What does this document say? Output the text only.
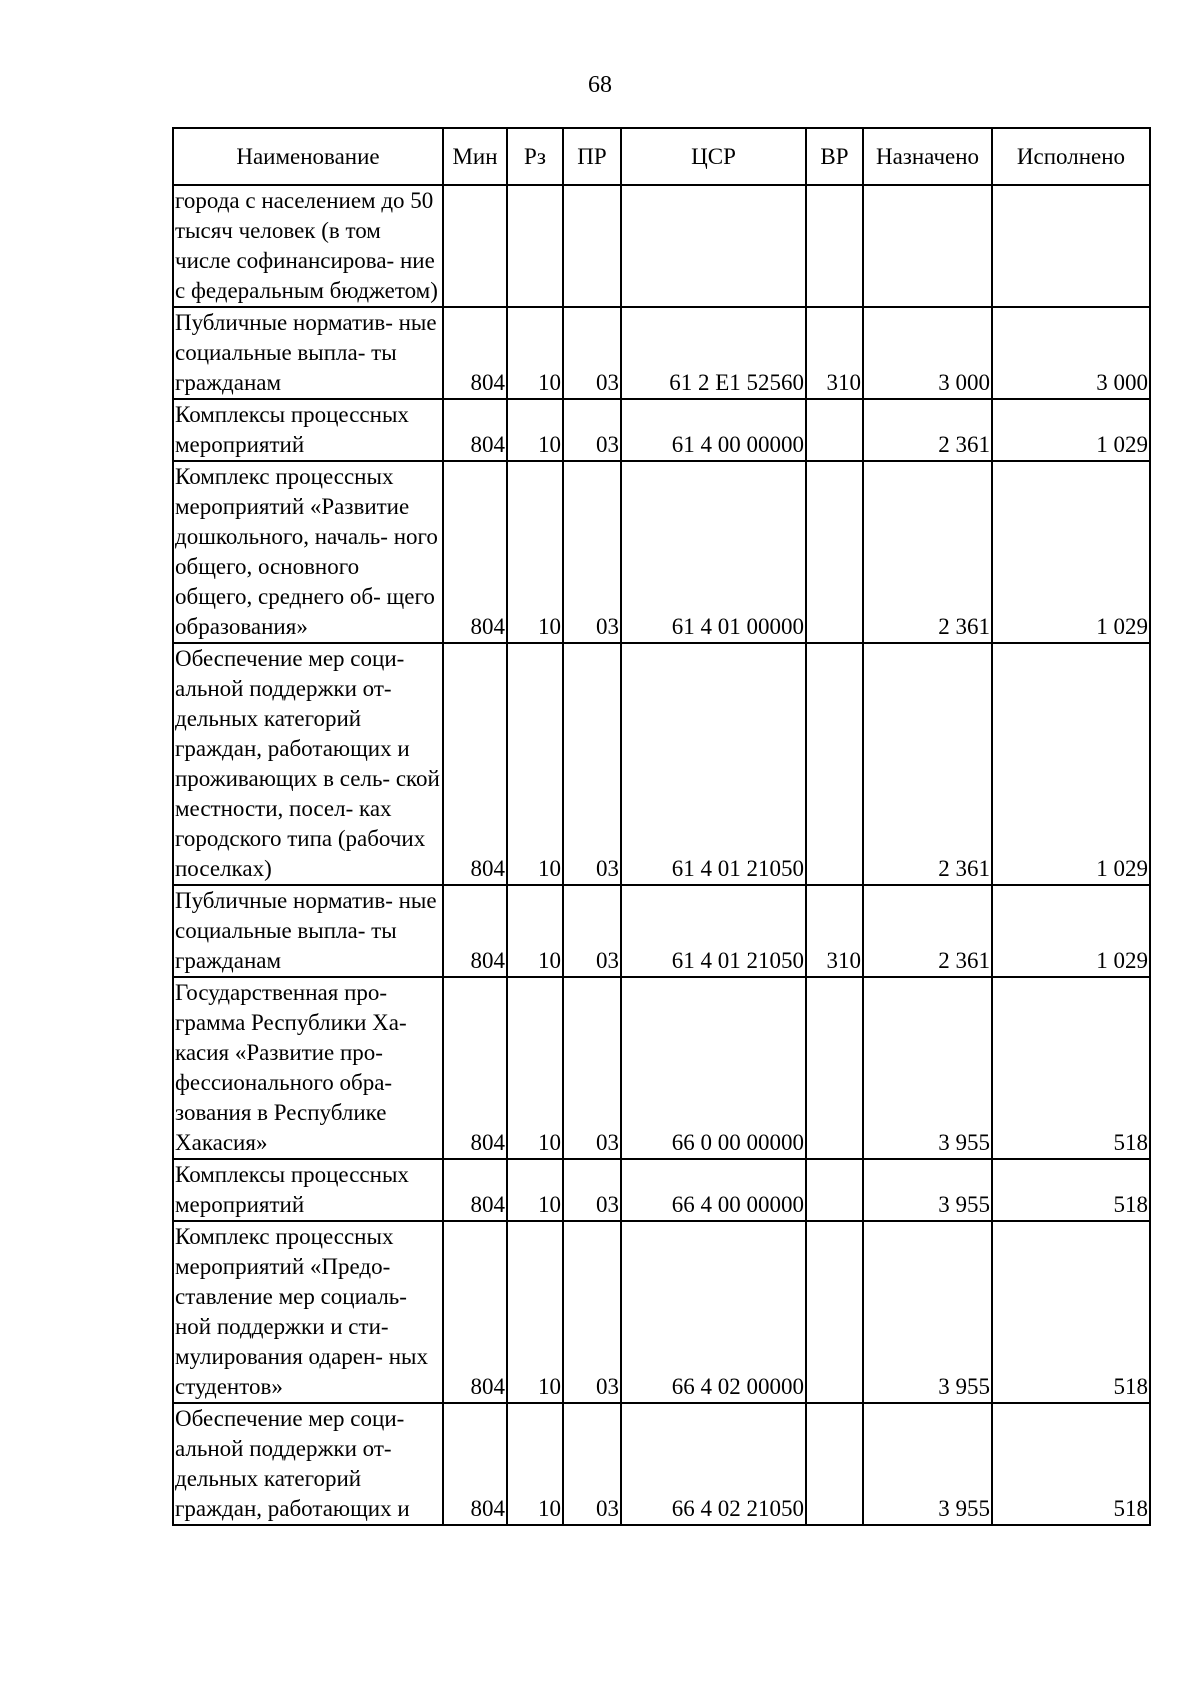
68
Наименование	Мин	Рз	ПР	ЦСР	ВР	Назначено	Исполнено
города с населением до 50 тысяч человек (в том числе софинансирова- ние с федеральным бюджетом)							
Публичные норматив- ные социальные выпла- ты гражданам	804	10	03	61 2 Е1 52560	310	3 000	3 000
Комплексы процессных мероприятий	804	10	03	61 4 00 00000		2 361	1 029
Комплекс процессных мероприятий «Развитие дошкольного, началь- ного общего, основного общего, среднего об- щего образования»	804	10	03	61 4 01 00000		2 361	1 029
Обеспечение мер соци- альной поддержки от- дельных категорий граждан, работающих и проживающих в сель- ской местности, посел- ках городского типа (рабочих поселках)	804	10	03	61 4 01 21050		2 361	1 029
Публичные норматив- ные социальные выпла- ты гражданам	804	10	03	61 4 01 21050	310	2 361	1 029
Государственная про- грамма Республики Ха- касия «Развитие про- фессионального обра- зования в Республике Хакасия»	804	10	03	66 0 00 00000		3 955	518
Комплексы процессных мероприятий	804	10	03	66 4 00 00000		3 955	518
Комплекс процессных мероприятий «Предо- ставление мер социаль- ной поддержки и сти- мулирования одарен- ных студентов»	804	10	03	66 4 02 00000		3 955	518
Обеспечение мер соци- альной поддержки от- дельных категорий граждан, работающих и	804	10	03	66 4 02 21050		3 955	518
